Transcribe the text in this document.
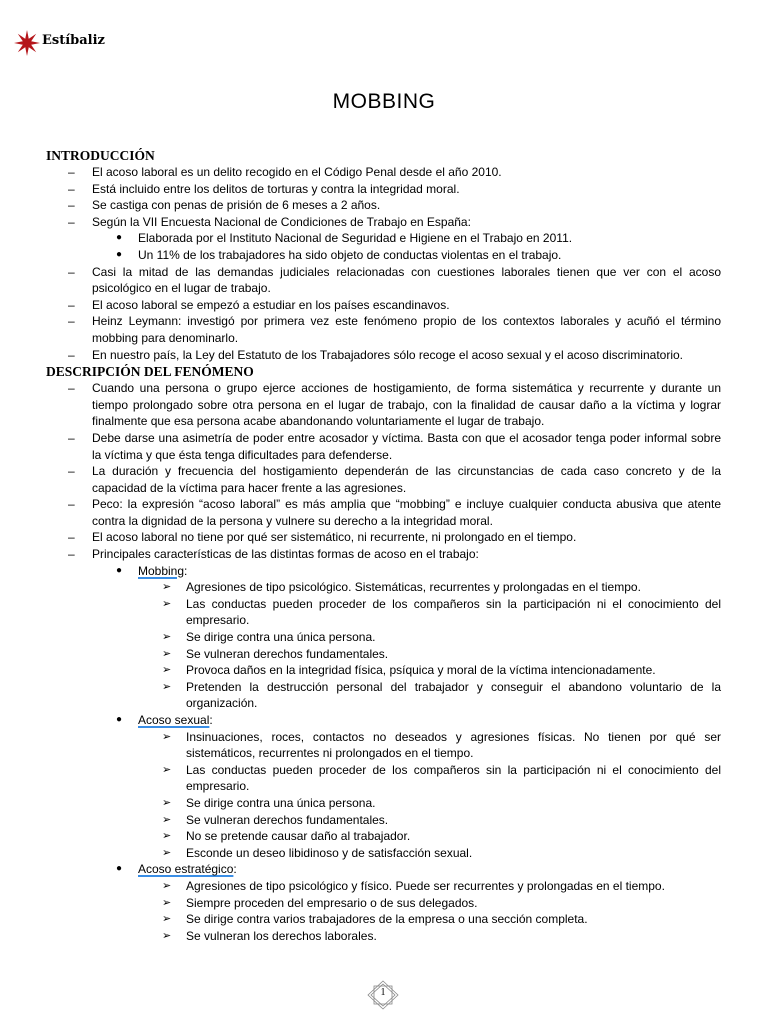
Estíbaliz
MOBBING
INTRODUCCIÓN
– El acoso laboral es un delito recogido en el Código Penal desde el año 2010.
– Está incluido entre los delitos de torturas y contra la integridad moral.
– Se castiga con penas de prisión de 6 meses a 2 años.
– Según la VII Encuesta Nacional de Condiciones de Trabajo en España:
● Elaborada por el Instituto Nacional de Seguridad e Higiene en el Trabajo en 2011.
● Un 11% de los trabajadores ha sido objeto de conductas violentas en el trabajo.
– Casi la mitad de las demandas judiciales relacionadas con cuestiones laborales tienen que ver con el acoso psicológico en el lugar de trabajo.
– El acoso laboral se empezó a estudiar en los países escandinavos.
– Heinz Leymann: investigó por primera vez este fenómeno propio de los contextos laborales y acuñó el término mobbing para denominarlo.
– En nuestro país, la Ley del Estatuto de los Trabajadores sólo recoge el acoso sexual y el acoso discriminatorio.
DESCRIPCIÓN DEL FENÓMENO
– Cuando una persona o grupo ejerce acciones de hostigamiento, de forma sistemática y recurrente y durante un tiempo prolongado sobre otra persona en el lugar de trabajo, con la finalidad de causar daño a la víctima y lograr finalmente que esa persona acabe abandonando voluntariamente el lugar de trabajo.
– Debe darse una asimetría de poder entre acosador y víctima. Basta con que el acosador tenga poder informal sobre la víctima y que ésta tenga dificultades para defenderse.
– La duración y frecuencia del hostigamiento dependerán de las circunstancias de cada caso concreto y de la capacidad de la víctima para hacer frente a las agresiones.
– Peco: la expresión “acoso laboral” es más amplia que “mobbing” e incluye cualquier conducta abusiva que atente contra la dignidad de la persona y vulnere su derecho a la integridad moral.
– El acoso laboral no tiene por qué ser sistemático, ni recurrente, ni prolongado en el tiempo.
– Principales características de las distintas formas de acoso en el trabajo:
● Mobbing:
➢ Agresiones de tipo psicológico. Sistemáticas, recurrentes y prolongadas en el tiempo.
➢ Las conductas pueden proceder de los compañeros sin la participación ni el conocimiento del empresario.
➢ Se dirige contra una única persona.
➢ Se vulneran derechos fundamentales.
➢ Provoca daños en la integridad física, psíquica y moral de la víctima intencionadamente.
➢ Pretenden la destrucción personal del trabajador y conseguir el abandono voluntario de la organización.
● Acoso sexual:
➢ Insinuaciones, roces, contactos no deseados y agresiones físicas. No tienen por qué ser sistemáticos, recurrentes ni prolongados en el tiempo.
➢ Las conductas pueden proceder de los compañeros sin la participación ni el conocimiento del empresario.
➢ Se dirige contra una única persona.
➢ Se vulneran derechos fundamentales.
➢ No se pretende causar daño al trabajador.
➢ Esconde un deseo libidinoso y de satisfacción sexual.
● Acoso estratégico:
➢ Agresiones de tipo psicológico y físico. Puede ser recurrentes y prolongadas en el tiempo.
➢ Siempre proceden del empresario o de sus delegados.
➢ Se dirige contra varios trabajadores de la empresa o una sección completa.
➢ Se vulneran los derechos laborales.
1
